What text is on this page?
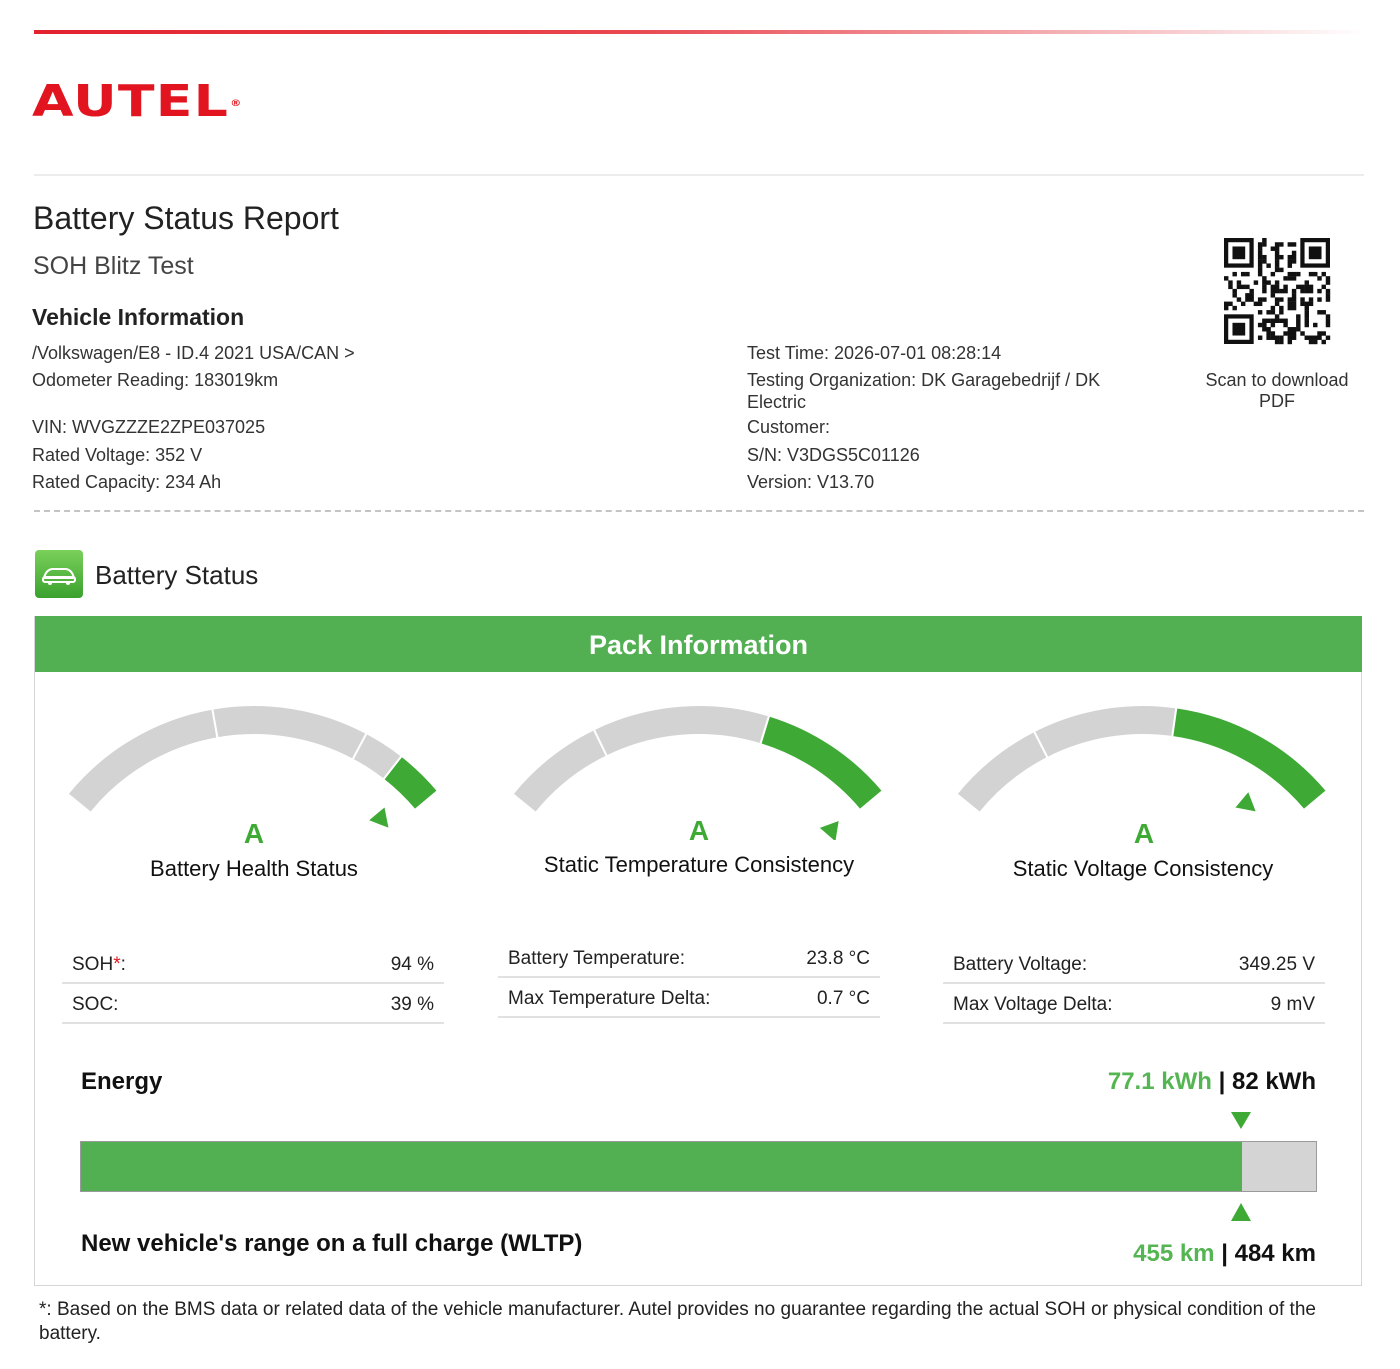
AUTEL®
Battery Status Report
SOH Blitz Test
Vehicle Information
/Volkswagen/E8 - ID.4 2021 USA/CAN >
Odometer Reading: 183019km
VIN: WVGZZZE2ZPE037025
Rated Voltage: 352 V
Rated Capacity: 234 Ah
Test Time: 2026-07-01 08:28:14
Testing Organization: DK Garagebedrijf / DK
Electric
Customer:
S/N: V3DGS5C01126
Version: V13.70
Scan to download
PDF
Battery Status
Pack Information
A
Battery Health Status
A
Static Temperature Consistency
A
Static Voltage Consistency
SOH*:	94 %
SOC:	39 %
Battery Temperature:	23.8 °C
Max Temperature Delta:	0.7 °C
Battery Voltage:	349.25 V
Max Voltage Delta:	9 mV
Energy	77.1 kWh | 82 kWh
New vehicle's range on a full charge (WLTP)	455 km | 484 km
*: Based on the BMS data or related data of the vehicle manufacturer. Autel provides no guarantee regarding the actual SOH or physical condition of the battery.
